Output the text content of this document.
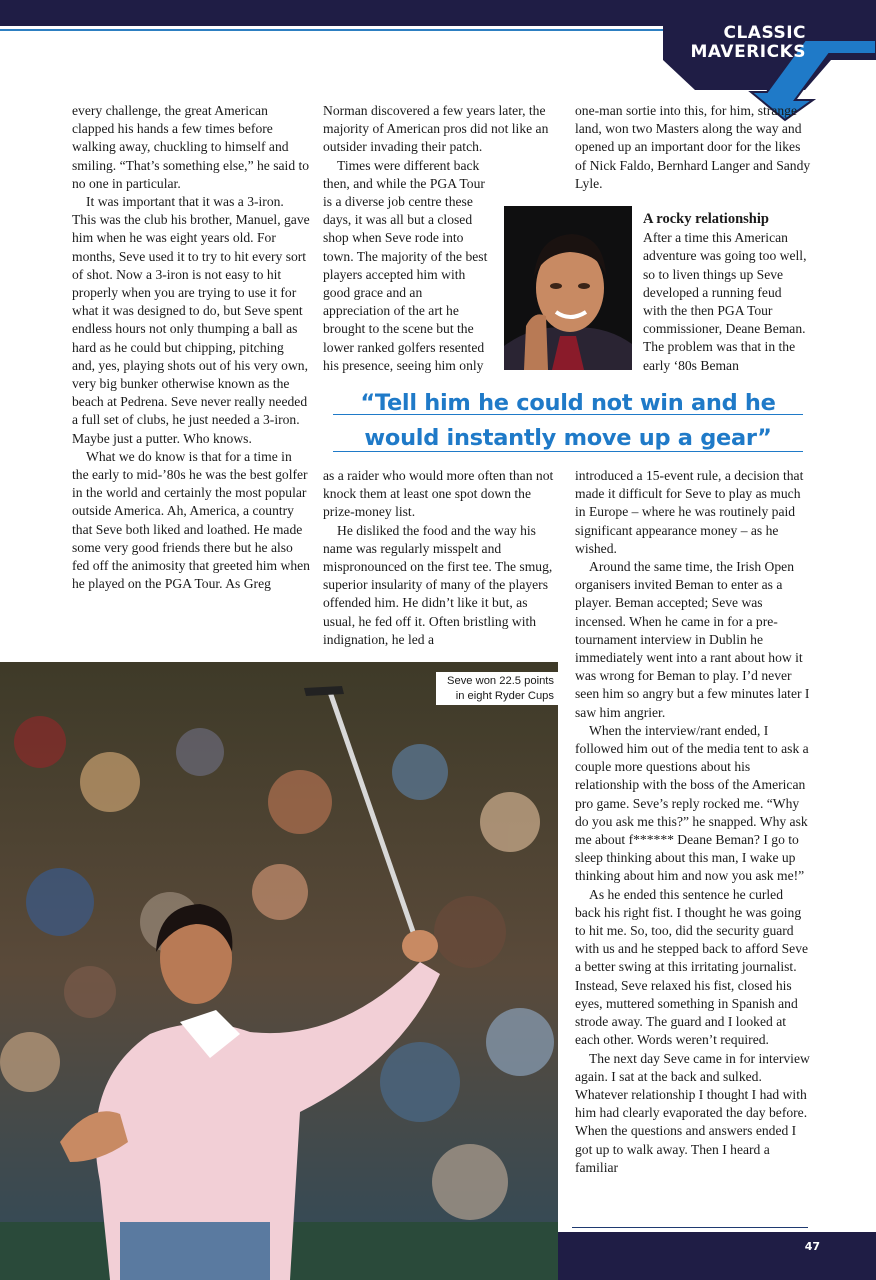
CLASSIC
MAVERICKS

every challenge, the great American clapped his hands a few times before walking away, chuckling to himself and smiling. “That’s something else,” he said to no one in particular.

It was important that it was a 3-iron. This was the club his brother, Manuel, gave him when he was eight years old. For months, Seve used it to try to hit every sort of shot. Now a 3-iron is not easy to hit properly when you are trying to use it for what it was designed to do, but Seve spent endless hours not only thumping a ball as hard as he could but chipping, pitching and, yes, playing shots out of his very own, very big bunker otherwise known as the beach at Pedrena. Seve never really needed a full set of clubs, he just needed a 3-iron. Maybe just a putter. Who knows.

What we do know is that for a time in the early to mid-’80s he was the best golfer in the world and certainly the most popular outside America. Ah, America, a country that Seve both liked and loathed. He made some very good friends there but he also fed off the animosity that greeted him when he played on the PGA Tour. As Greg

Norman discovered a few years later, the majority of American pros did not like an outsider invading their patch.

Times were different back then, and while the PGA Tour is a diverse job centre these days, it was all but a closed shop when Seve rode into town. The majority of the best players accepted him with good grace and an appreciation of the art he brought to the scene but the lower ranked golfers resented his presence, seeing him only

one-man sortie into this, for him, strange land, won two Masters along the way and opened up an important door for the likes of Nick Faldo, Bernhard Langer and Sandy Lyle.

A rocky relationship

After a time this American adventure was going too well, so to liven things up Seve developed a running feud with the then PGA Tour commissioner, Deane Beman. The problem was that in the early ‘80s Beman

“Tell him he could not win and he
would instantly move up a gear”

as a raider who would more often than not knock them at least one spot down the prize-money list.

He disliked the food and the way his name was regularly misspelt and mispronounced on the first tee. The smug, superior insularity of many of the players offended him. He didn’t like it but, as usual, he fed off it. Often bristling with indignation, he led a

introduced a 15-event rule, a decision that made it difficult for Seve to play as much in Europe – where he was routinely paid significant appearance money – as he wished.

Around the same time, the Irish Open organisers invited Beman to enter as a player. Beman accepted; Seve was incensed. When he came in for a pre-tournament interview in Dublin he immediately went into a rant about how it was wrong for Beman to play. I’d never seen him so angry but a few minutes later I saw him angrier.

When the interview/rant ended, I followed him out of the media tent to ask a couple more questions about his relationship with the boss of the American pro game. Seve’s reply rocked me. “Why do you ask me this?” he snapped. Why ask me about f****** Deane Beman? I go to sleep thinking about this man, I wake up thinking about him and now you ask me!”

As he ended this sentence he curled back his right fist. I thought he was going to hit me. So, too, did the security guard with us and he stepped back to afford Seve a better swing at this irritating journalist. Instead, Seve relaxed his fist, closed his eyes, muttered something in Spanish and strode away. The guard and I looked at each other. Words weren’t required.

The next day Seve came in for interview again. I sat at the back and sulked. Whatever relationship I thought I had with him had clearly evaporated the day before. When the questions and answers ended I got up to walk away. Then I heard a familiar

Seve won 22.5 points
in eight Ryder Cups
47
